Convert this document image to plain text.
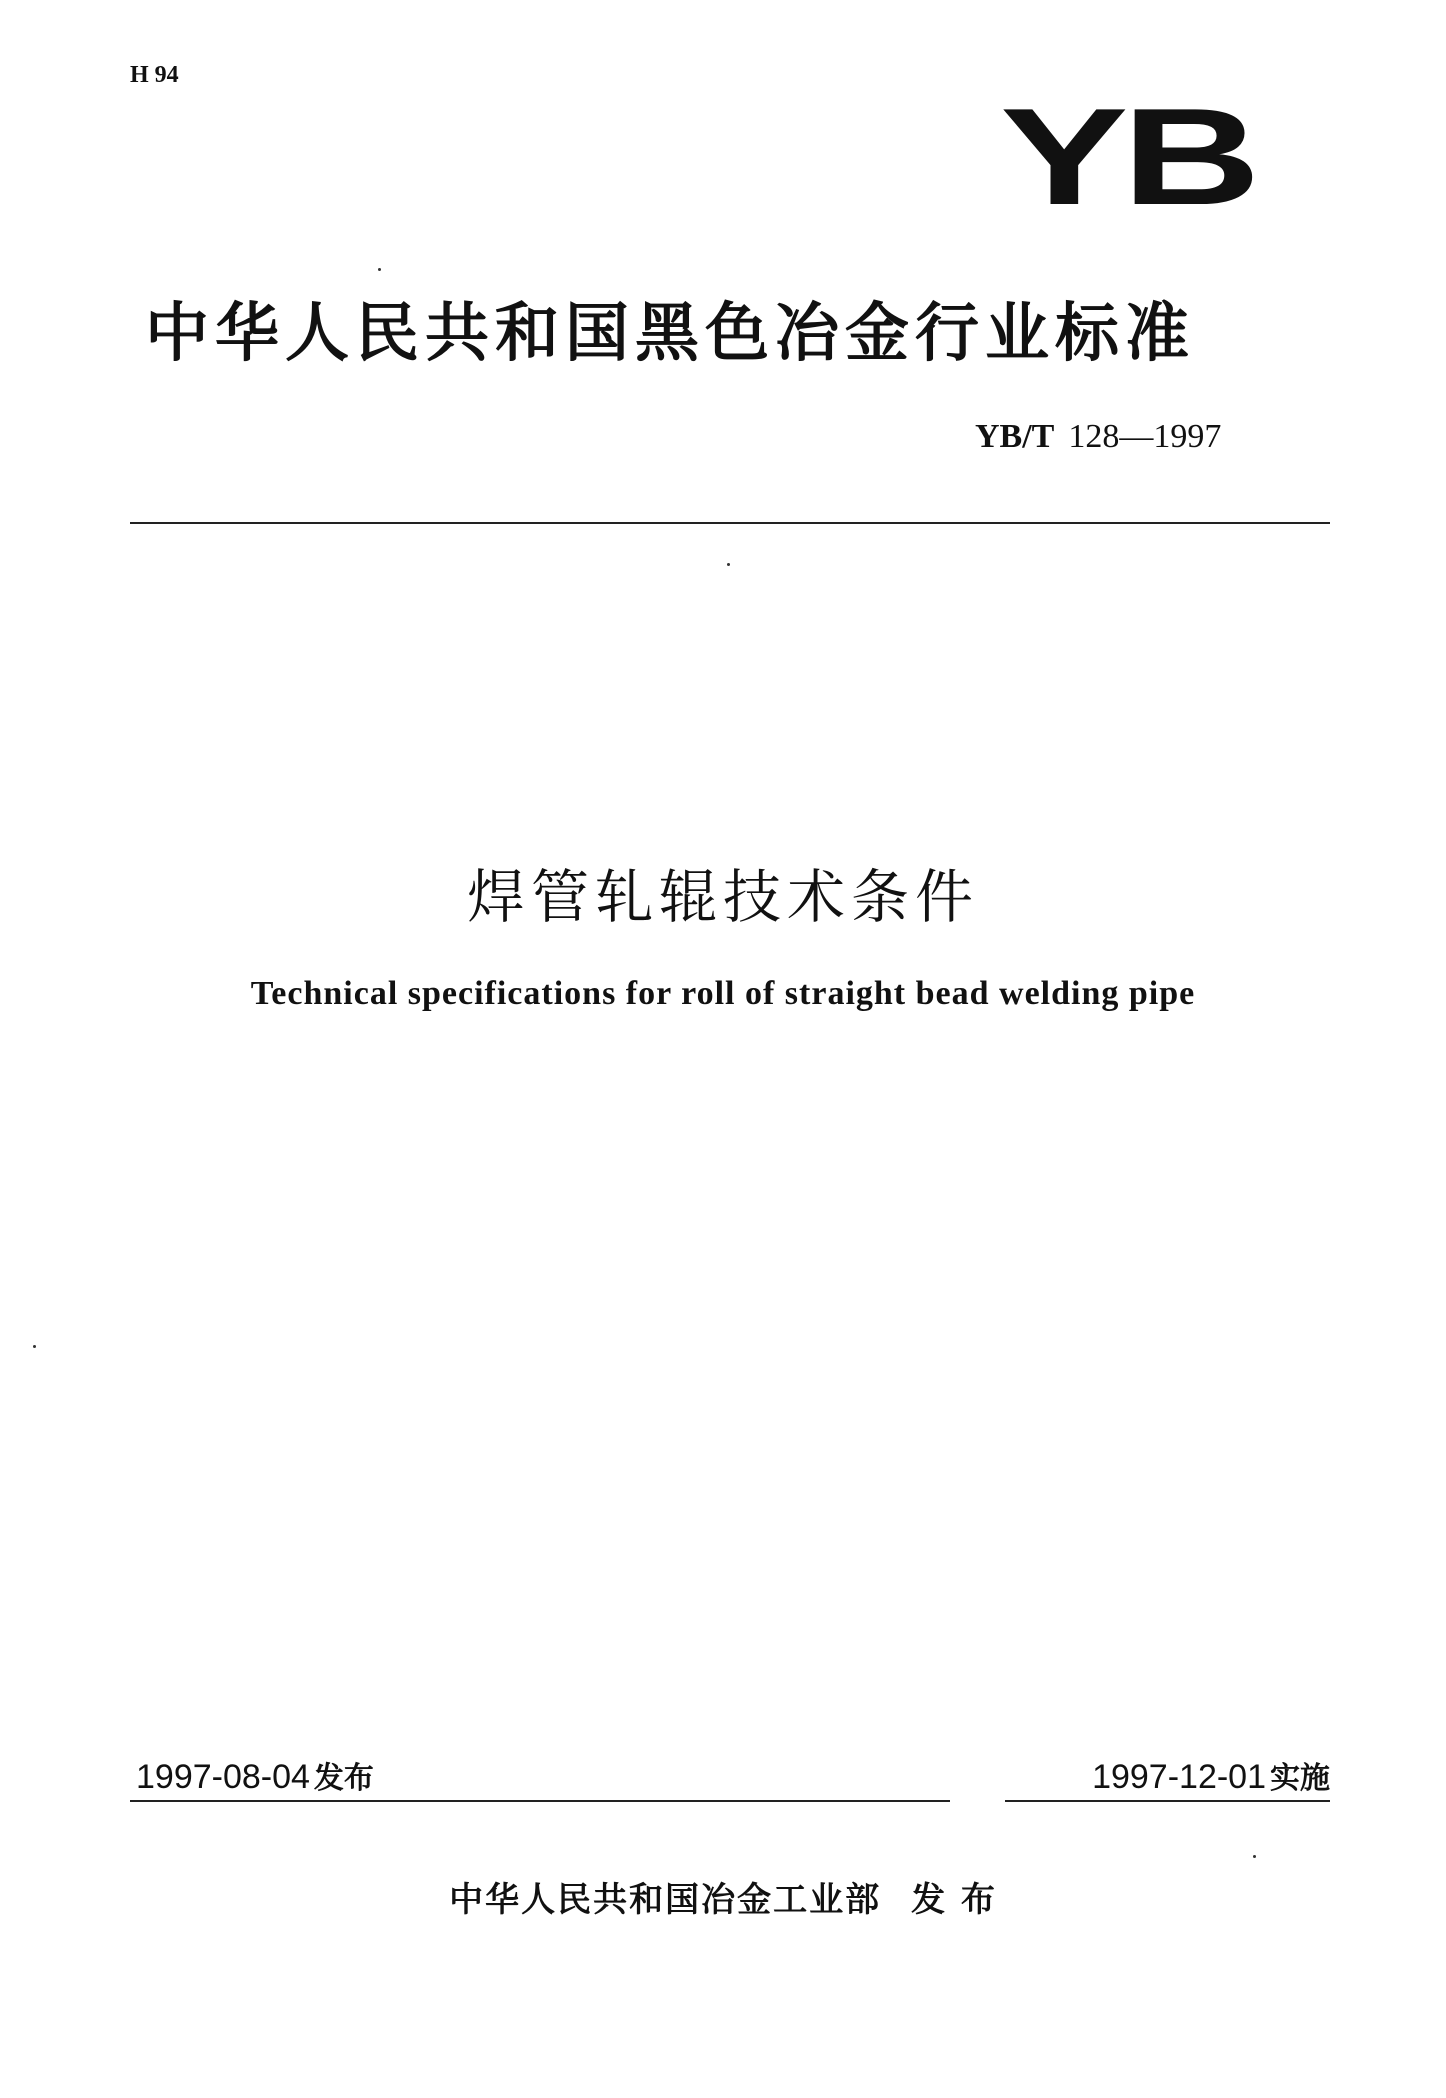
H 94
YB
中华人民共和国黑色冶金行业标准
YB/T 128—1997
焊管轧辊技术条件
Technical specifications for roll of straight bead welding pipe
1997-08-04 发布	1997-12-01 实施
中华人民共和国冶金工业部 发 布
